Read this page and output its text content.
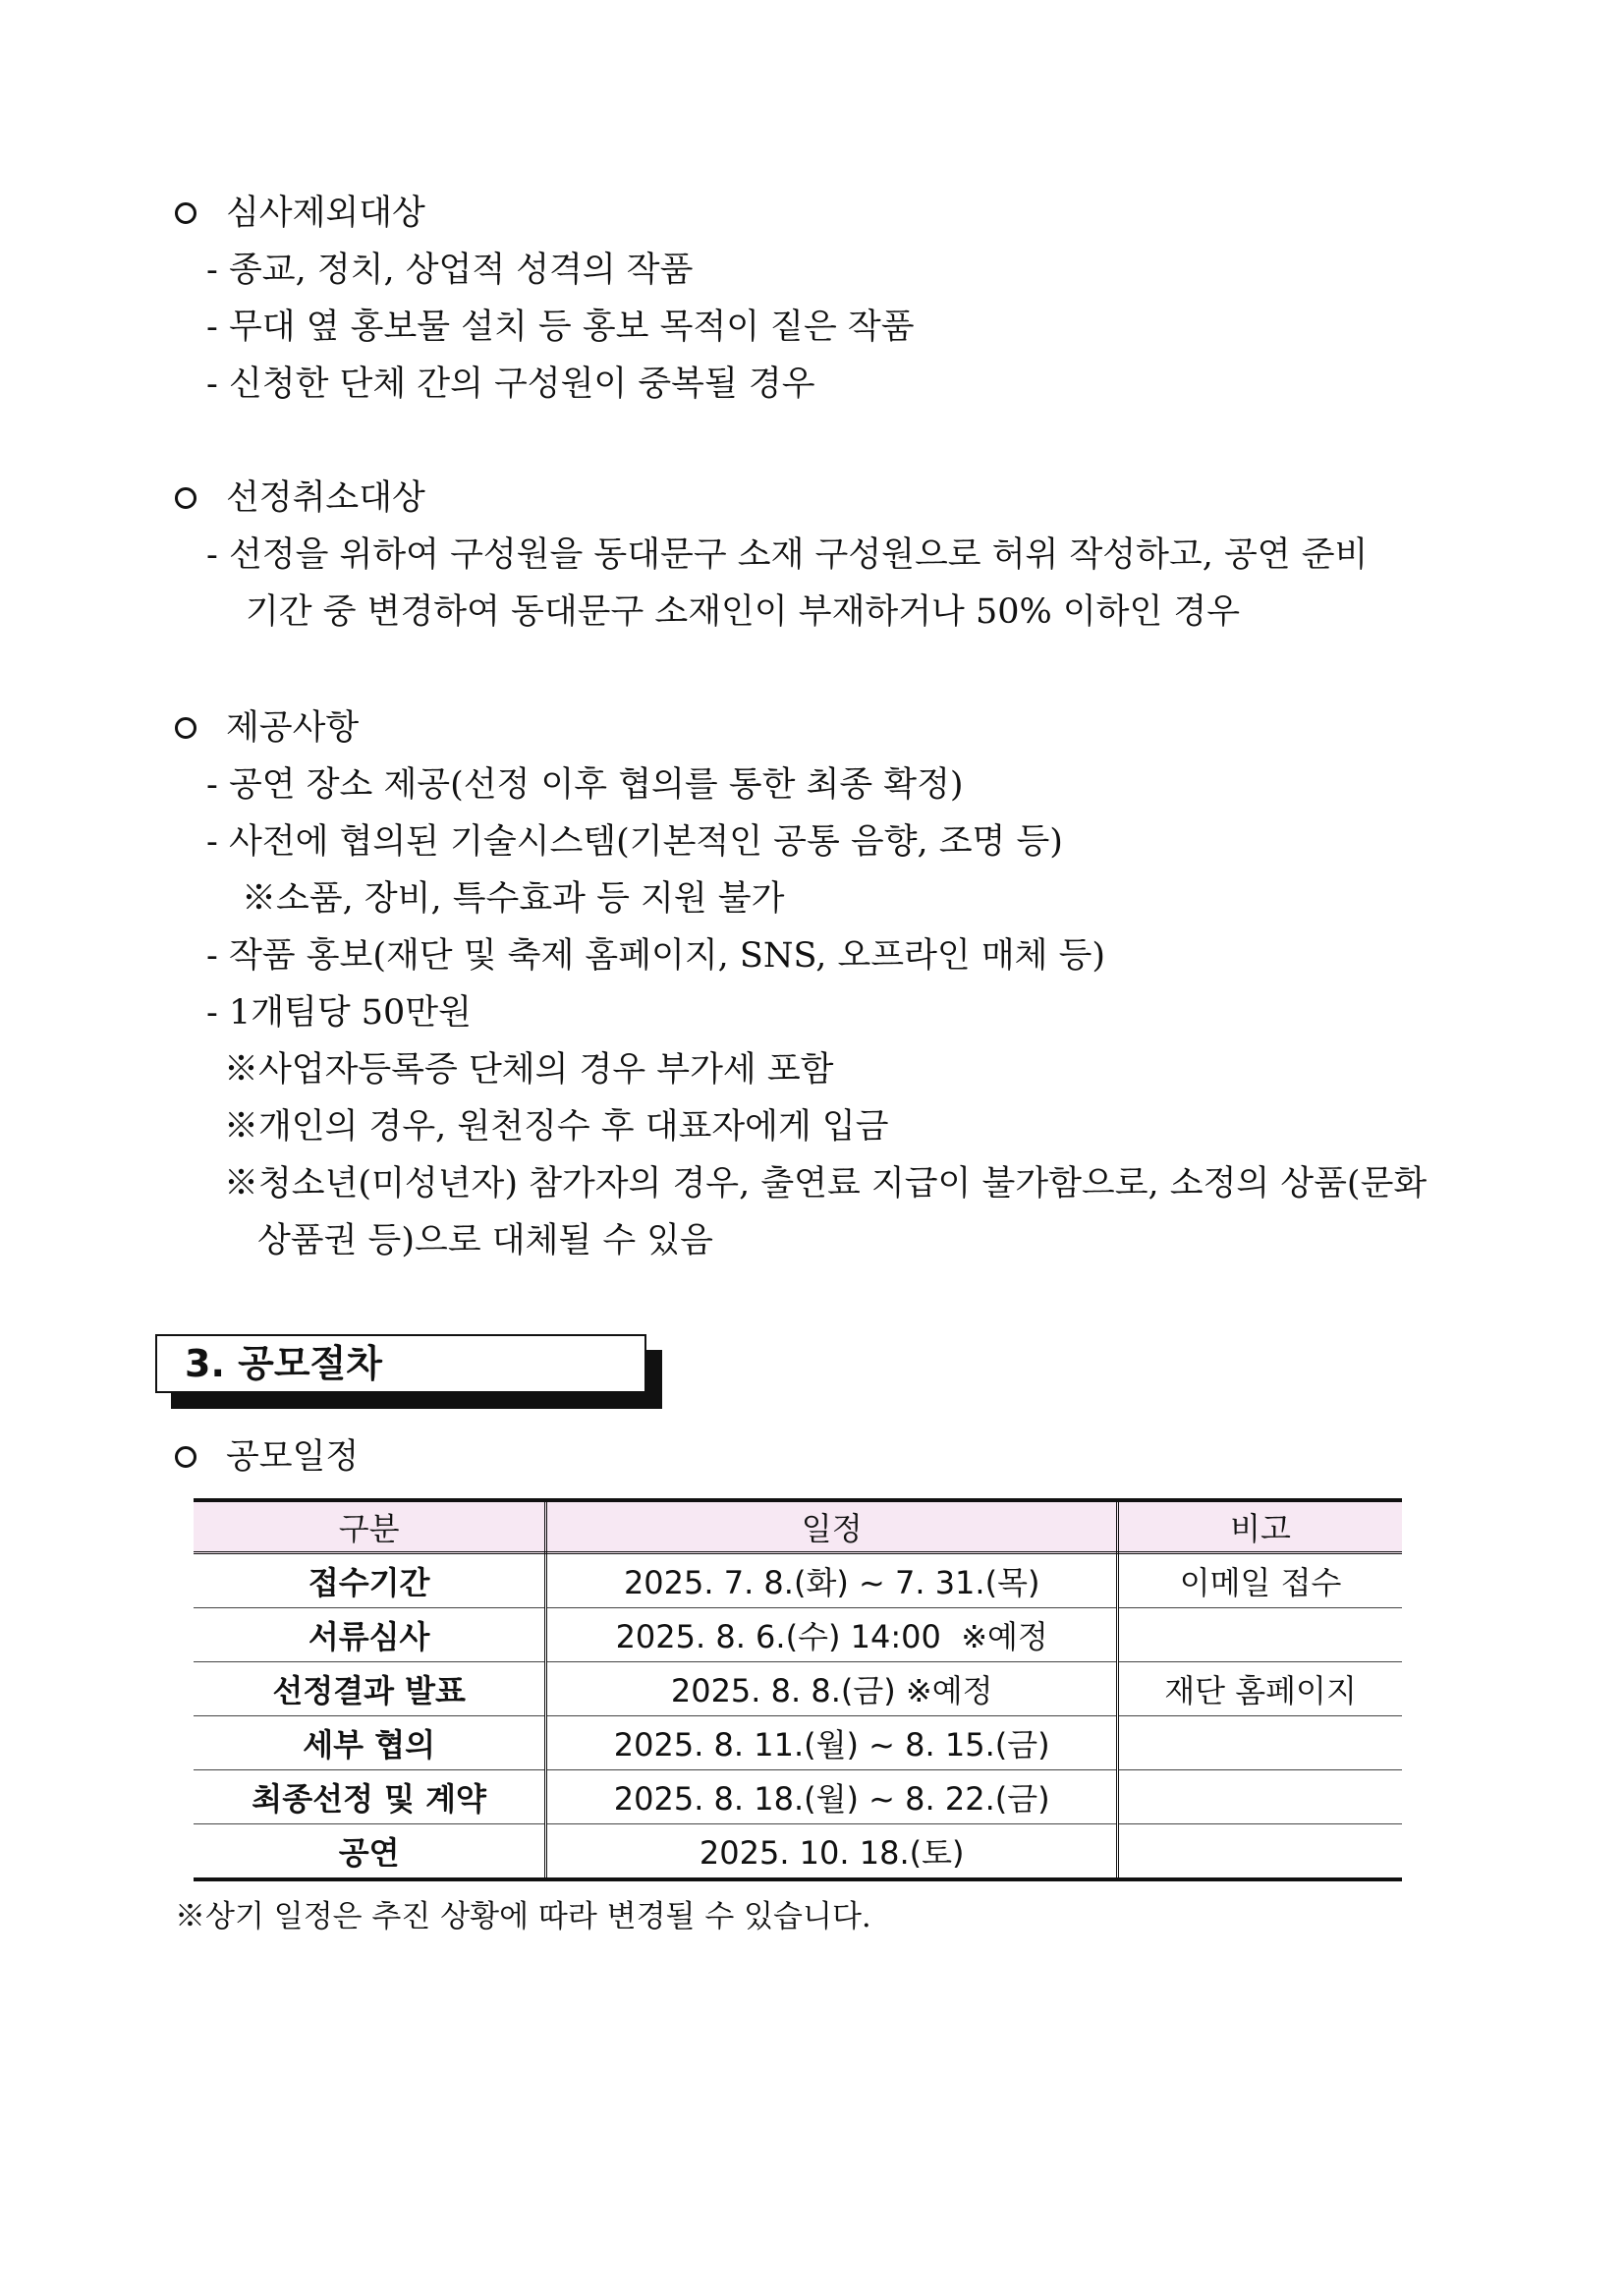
심사제외대상
- 종교, 정치, 상업적 성격의 작품
- 무대 옆 홍보물 설치 등 홍보 목적이 짙은 작품
- 신청한 단체 간의 구성원이 중복될 경우
선정취소대상
- 선정을 위하여 구성원을 동대문구 소재 구성원으로 허위 작성하고, 공연 준비
기간 중 변경하여 동대문구 소재인이 부재하거나 50% 이하인 경우
제공사항
- 공연 장소 제공(선정 이후 협의를 통한 최종 확정)
- 사전에 협의된 기술시스템(기본적인 공통 음향, 조명 등)
※소품, 장비, 특수효과 등 지원 불가
- 작품 홍보(재단 및 축제 홈페이지, SNS, 오프라인 매체 등)
- 1개팀당 50만원
※사업자등록증 단체의 경우 부가세 포함
※개인의 경우, 원천징수 후 대표자에게 입금
※청소년(미성년자) 참가자의 경우, 출연료 지급이 불가함으로, 소정의 상품(문화
상품권 등)으로 대체될 수 있음
3. 공모절차
공모일정
구분	일정	비고
접수기간	2025. 7. 8.(화) ~ 7. 31.(목)	이메일 접수
서류심사	2025. 8. 6.(수) 14:00  ※예정	
선정결과 발표	2025. 8. 8.(금) ※예정	재단 홈페이지
세부 협의	2025. 8. 11.(월) ~ 8. 15.(금)	
최종선정 및 계약	2025. 8. 18.(월) ~ 8. 22.(금)	
공연	2025. 10. 18.(토)	
※상기 일정은 추진 상황에 따라 변경될 수 있습니다.
